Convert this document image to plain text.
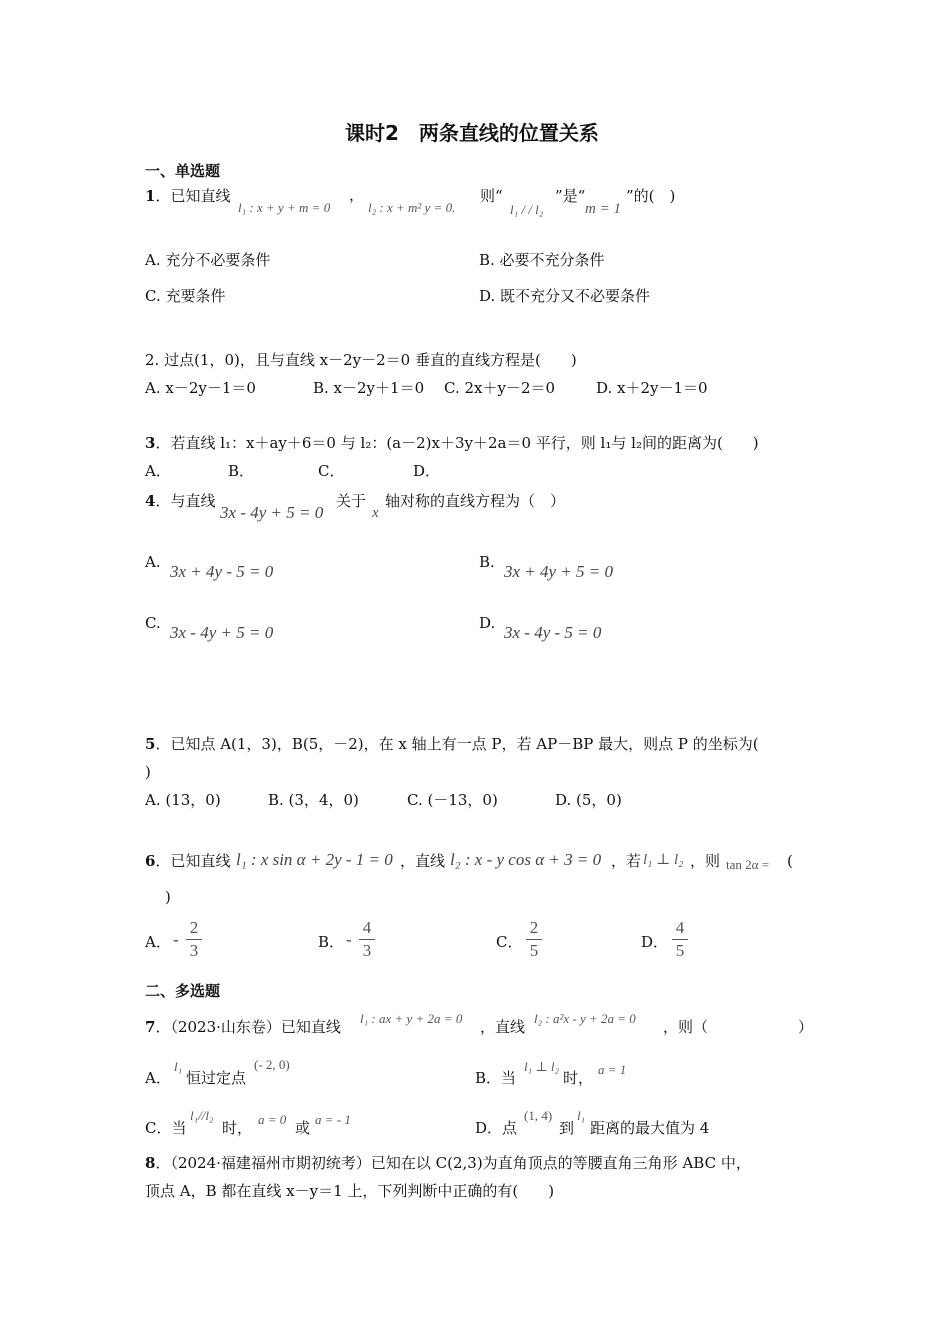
课时2　两条直线的位置关系
一、单选题
1．已知直线
l₁ : x + y + m = 0
，
l₂ : x + m² y = 0.
则“
l₁ / / l₂
”是“
m = 1
”的(　)
A. 充分不必要条件	B. 必要不充分条件
C. 充要条件	D. 既不充分又不必要条件
2. 过点(1，0)，且与直线 x－2y－2＝0 垂直的直线方程是(　　)
A. x－2y－1＝0	B. x－2y＋1＝0 C. 2x＋y－2＝0	D. x＋2y－1＝0
3．若直线 l₁：x＋ay＋6＝0 与 l₂：(a－2)x＋3y＋2a＝0 平行，则 l₁与 l₂间的距离为(　　)
A．	B．	C．	D．
4．与直线
3x - 4y + 5 = 0
关于
x
轴对称的直线方程为（　）
A. 3x + 4y - 5 = 0	B. 3x + 4y + 5 = 0
C. 3x - 4y + 5 = 0	D. 3x - 4y - 5 = 0
5．已知点 A(1，3)，B(5，－2)，在 x 轴上有一点 P，若 AP－BP 最大，则点 P 的坐标为(
)
A. (13，0)	B. (3，4，0)	C. (－13，0)	D. (5，0)
6．已知直线 l₁ : x sin α + 2y - 1 = 0 ，直线 l₂ : x - y cos α + 3 = 0 ，若 l₁ ⊥ l₂ ，则 tan 2α = (
)
A． -
2
3	B． -
4
3	C．
2
5	D．
4
5
二、多选题
7．（2023·山东卷）已知直线 l₁ : ax + y + 2a = 0 ，直线 l₂ : a²x - y + 2a = 0 ，则（　　　　　　）
A．
l₁
恒过定点
(- 2, 0)
B．当
l₁ ⊥ l₂
时， a = 1
C．当
l₁//l₂
时， a = 0 或 a = - 1	D．点
(1, 4)
到
l₁
距离的最大值为 4
8．（2024·福建福州市期初统考）已知在以 C(2,3)为直角顶点的等腰直角三角形 ABC 中，
顶点 A，B 都在直线 x－y＝1 上，下列判断中正确的有(　　)
